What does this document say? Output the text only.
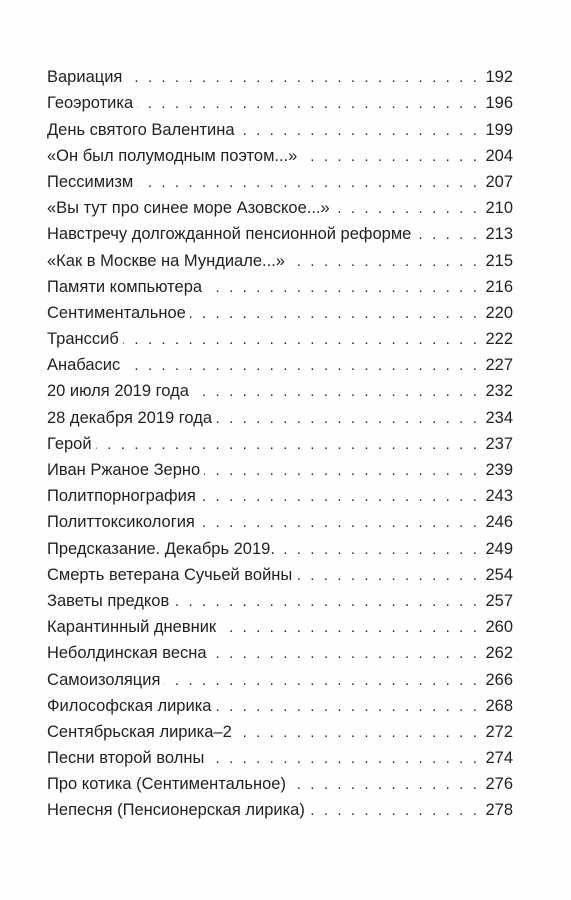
Вариация . . .	192
Геоэротика . . .	196
День святого Валентина . . .	199
«Он был полумодным поэтом...» . . .	204
Пессимизм . . .	207
«Вы тут про синее море Азовское...» . . .	210
Навстречу долгожданной пенсионной реформе . . .	213
«Как в Москве на Мундиале...» . . .	215
Памяти компьютера . . .	216
Сентиментальное . . .	220
Транссиб . . .	222
Анабасис . . .	227
20 июля 2019 года . . .	232
28 декабря 2019 года . . .	234
Герой . . .	237
Иван Ржаное Зерно . . .	239
Политпорнография . . .	243
Политтоксикология . . .	246
Предсказание. Декабрь 2019. . . .	249
Смерть ветерана Сучьей войны . . .	254
Заветы предков . . .	257
Карантинный дневник . . .	260
Неболдинская весна . . .	262
Самоизоляция . . .	266
Философская лирика . . .	268
Сентябрьская лирика–2 . . .	272
Песни второй волны . . .	274
Про котика (Сентиментальное) . . .	276
Непесня (Пенсионерская лирика) . . .	278
